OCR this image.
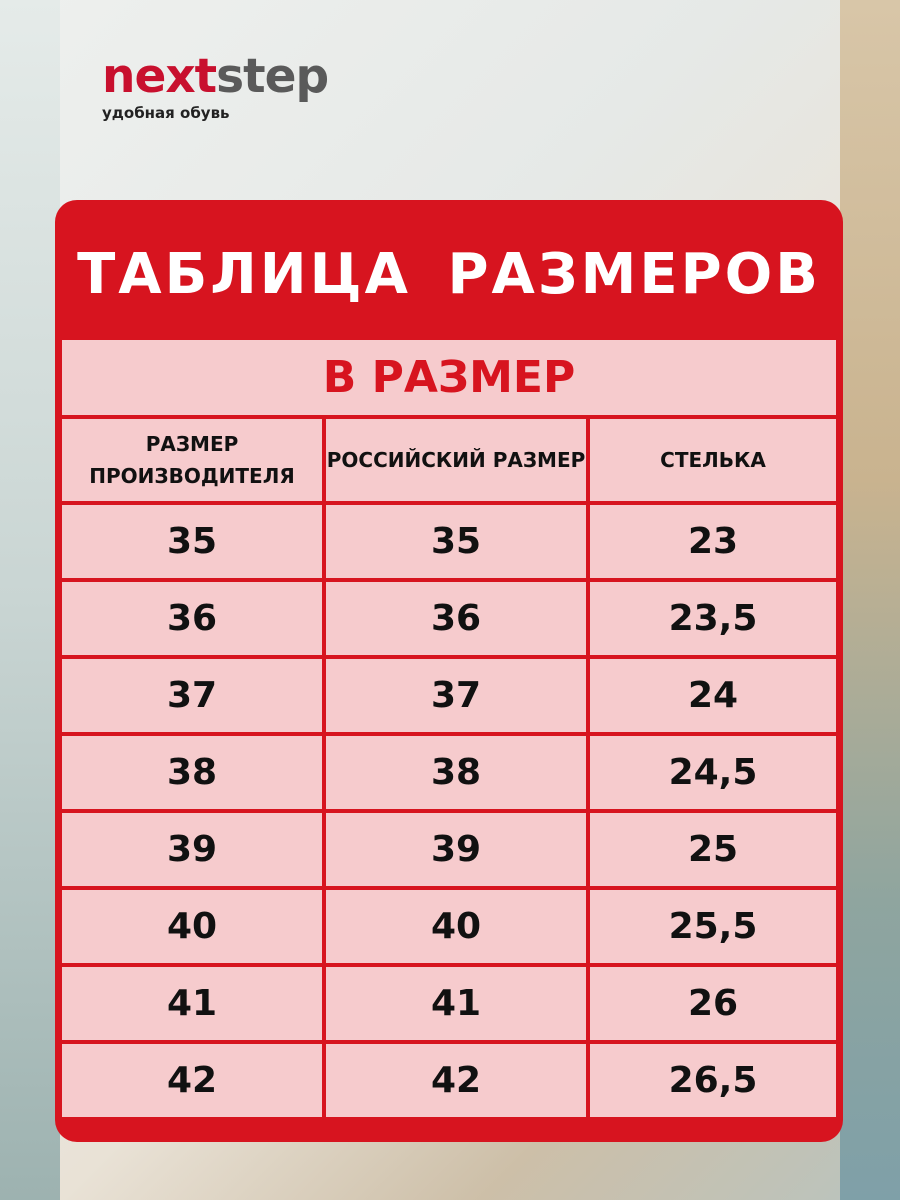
nextstep
удобная обувь
ТАБЛИЦА РАЗМЕРОВ
В РАЗМЕР		
РАЗМЕР ПРОИЗВОДИТЕЛЯ	РОССИЙСКИЙ РАЗМЕР	СТЕЛЬКА
35	35	23
36	36	23,5
37	37	24
38	38	24,5
39	39	25
40	40	25,5
41	41	26
42	42	26,5
